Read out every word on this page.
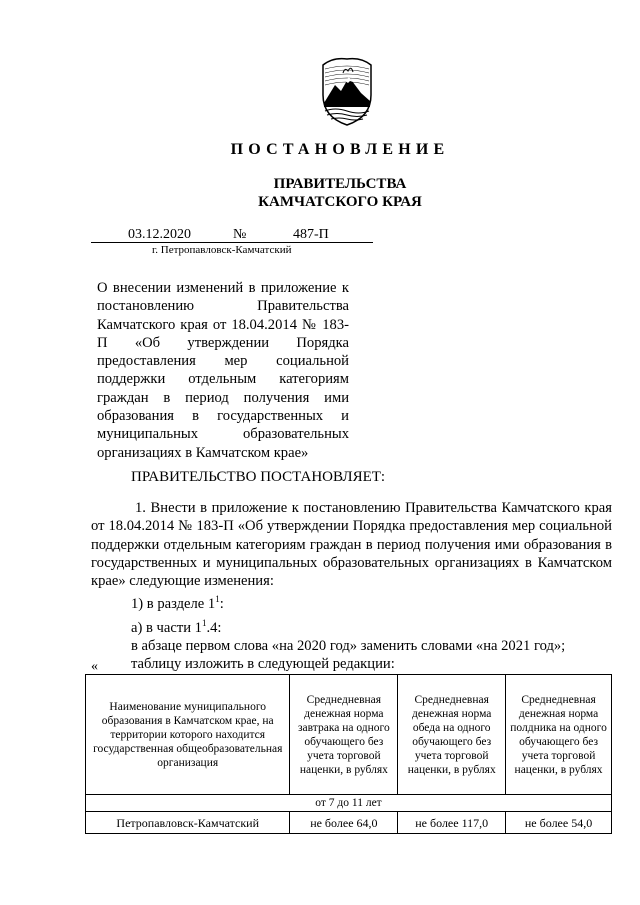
ПОСТАНОВЛЕНИЕ
ПРАВИТЕЛЬСТВА
КАМЧАТСКОГО КРАЯ
03.12.2020	№	487-П
г. Петропавловск-Камчатский
О внесении изменений в приложение к постановлению Правительства Камчатского края от 18.04.2014 № 183-П «Об утверждении Порядка предоставления мер социальной поддержки отдельным категориям граждан в период получения ими образования в государственных и муниципальных образовательных организациях в Камчатском крае»
ПРАВИТЕЛЬСТВО ПОСТАНОВЛЯЕТ:

1. Внести в приложение к постановлению Правительства Камчатского края от 18.04.2014 № 183-П «Об утверждении Порядка предоставления мер социальной поддержки отдельным категориям граждан в период получения ими образования в государственных и муниципальных образовательных организациях в Камчатском крае» следующие изменения:

1) в разделе $1^1$:

а) в части $1^1.4$:

в абзаце первом слова «на 2020 год» заменить словами «на 2021 год»;

таблицу изложить в следующей редакции:

«
Наименование муниципального образования в Камчатском крае, на территории которого находится государственная общеобразовательная организация	Среднедневная денежная норма завтрака на одного обучающего без учета торговой наценки, в рублях	Среднедневная денежная норма обеда на одного обучающего без учета торговой наценки, в рублях	Среднедневная денежная норма полдника на одного обучающего без учета торговой наценки, в рублях
от 7 до 11 лет			
Петропавловск-Камчатский	не более 64,0	не более 117,0	не более 54,0
